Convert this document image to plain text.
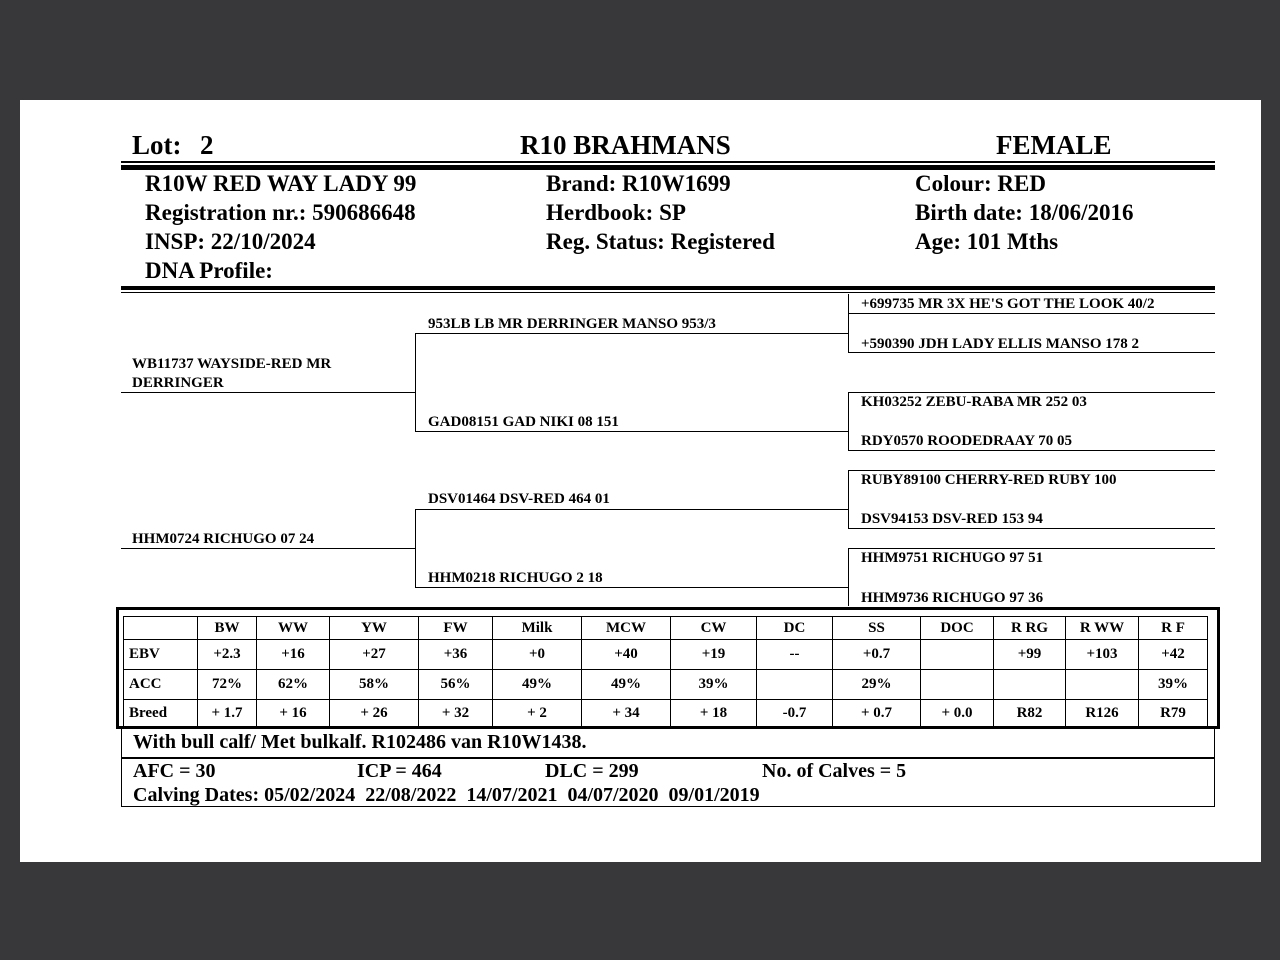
Lot: 2	R10 BRAHMANS	FEMALE
R10W RED WAY LADY 99
Registration nr.: 590686648
INSP: 22/10/2024
DNA Profile:
Brand: R10W1699
Herdbook: SP
Reg. Status: Registered
Colour: RED
Birth date: 18/06/2016
Age: 101 Mths
WB11737 WAYSIDE-RED MR DERRINGER
HHM0724 RICHUGO 07 24
953LB LB MR DERRINGER MANSO 953/3
GAD08151 GAD NIKI 08 151
DSV01464 DSV-RED 464 01
HHM0218 RICHUGO 2 18
+699735 MR 3X HE'S GOT THE LOOK 40/2
+590390 JDH LADY ELLIS MANSO 178 2
KH03252 ZEBU-RABA MR 252 03
RDY0570 ROODEDRAAY 70 05
RUBY89100 CHERRY-RED RUBY 100
DSV94153 DSV-RED 153 94
HHM9751 RICHUGO 97 51
HHM9736 RICHUGO 97 36
	BW	WW	YW	FW	Milk	MCW	CW	DC	SS	DOC	R RG	R WW	R F
EBV	+2.3	+16	+27	+36	+0	+40	+19	--	+0.7		+99	+103	+42
ACC	72%	62%	58%	56%	49%	49%	39%		29%				39%
Breed	+ 1.7	+ 16	+ 26	+ 32	+ 2	+ 34	+ 18	-0.7	+ 0.7	+ 0.0	R82	R126	R79
With bull calf/ Met bulkalf. R102486 van R10W1438.
AFC = 30	ICP = 464	DLC = 299	No. of Calves = 5
Calving Dates: 05/02/2024  22/08/2022  14/07/2021  04/07/2020  09/01/2019
